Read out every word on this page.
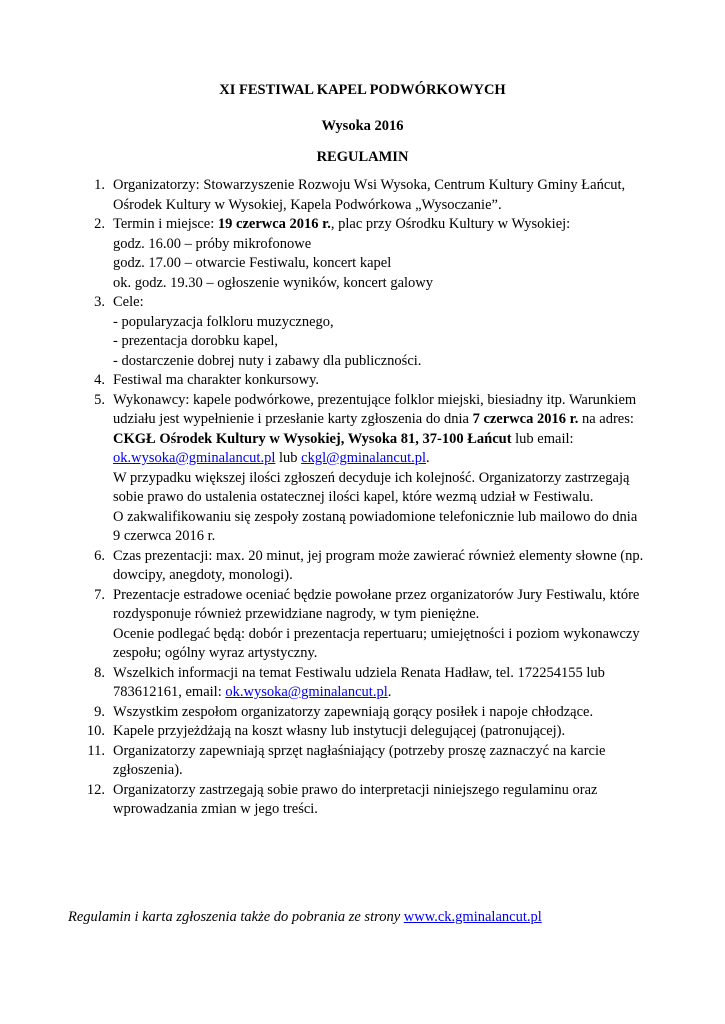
XI FESTIWAL KAPEL PODWÓRKOWYCH
Wysoka 2016
REGULAMIN
1. Organizatorzy: Stowarzyszenie Rozwoju Wsi Wysoka, Centrum Kultury Gminy Łańcut,
Ośrodek Kultury w Wysokiej, Kapela Podwórkowa „Wysoczanie”.
2. Termin i miejsce: 19 czerwca 2016 r., plac przy Ośrodku Kultury w Wysokiej:
godz. 16.00 – próby mikrofonowe
godz. 17.00 – otwarcie Festiwalu, koncert kapel
ok. godz. 19.30 – ogłoszenie wyników, koncert galowy
3. Cele:
- popularyzacja folkloru muzycznego,
- prezentacja dorobku kapel,
- dostarczenie dobrej nuty i zabawy dla publiczności.
4. Festiwal ma charakter konkursowy.
5. Wykonawcy: kapele podwórkowe, prezentujące folklor miejski, biesiadny itp. Warunkiem
udziału jest wypełnienie i przesłanie karty zgłoszenia do dnia 7 czerwca 2016 r. na adres:
CKGŁ Ośrodek Kultury w Wysokiej, Wysoka 81, 37-100 Łańcut lub email:
ok.wysoka@gminalancut.pl lub ckgl@gminalancut.pl.
W przypadku większej ilości zgłoszeń decyduje ich kolejność. Organizatorzy zastrzegają
sobie prawo do ustalenia ostatecznej ilości kapel, które wezmą udział w Festiwalu.
O zakwalifikowaniu się zespoły zostaną powiadomione telefonicznie lub mailowo do dnia
9 czerwca 2016 r.
6. Czas prezentacji: max. 20 minut, jej program może zawierać również elementy słowne (np.
dowcipy, anegdoty, monologi).
7. Prezentacje estradowe oceniać będzie powołane przez organizatorów Jury Festiwalu, które
rozdysponuje również przewidziane nagrody, w tym pieniężne.
Ocenie podlegać będą: dobór i prezentacja repertuaru; umiejętności i poziom wykonawczy
zespołu; ogólny wyraz artystyczny.
8. Wszelkich informacji na temat Festiwalu udziela Renata Hadław, tel. 172254155 lub
783612161, email: ok.wysoka@gminalancut.pl.
9. Wszystkim zespołom organizatorzy zapewniają gorący posiłek i napoje chłodzące.
10. Kapele przyjeżdżają na koszt własny lub instytucji delegującej (patronującej).
11. Organizatorzy zapewniają sprzęt nagłaśniający (potrzeby proszę zaznaczyć na karcie
zgłoszenia).
12. Organizatorzy zastrzegają sobie prawo do interpretacji niniejszego regulaminu oraz
wprowadzania zmian w jego treści.
Regulamin i karta zgłoszenia także do pobrania ze strony www.ck.gminalancut.pl
